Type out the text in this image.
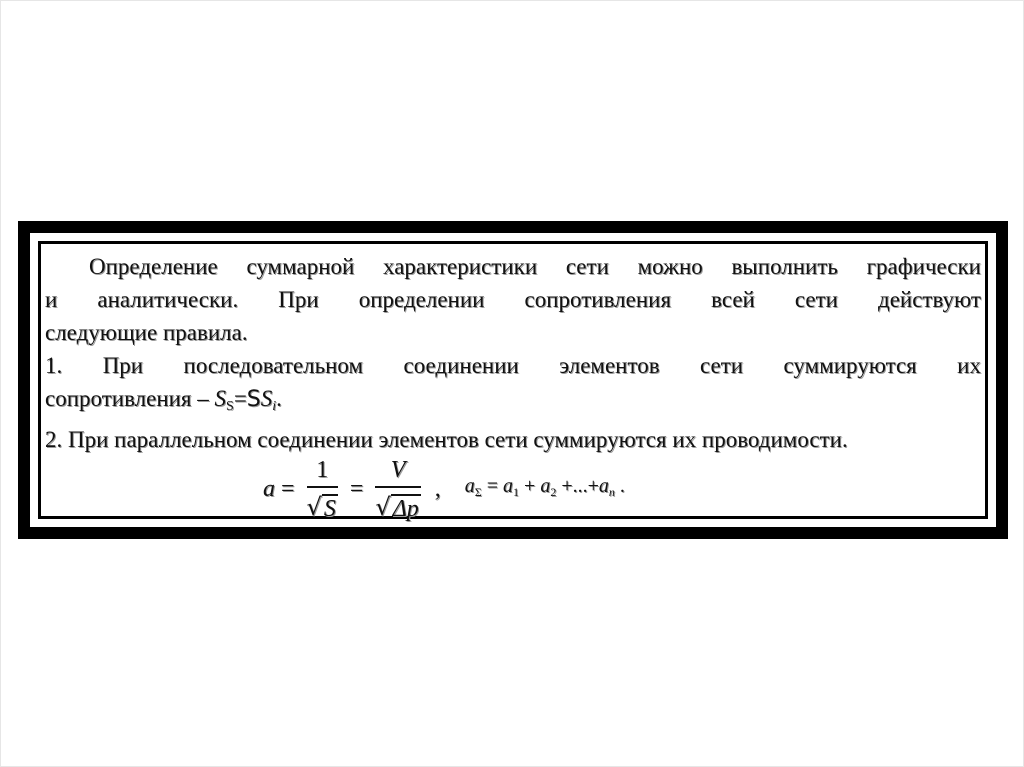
Определение суммарной характеристики сети можно выполнить графически

и аналитически. При определении сопротивления всей сети действуют

следующие правила.

1. При последовательном соединении элементов сети суммируются их

сопротивления – $S_S=SS_i$.

2. При параллельном соединении элементов сети суммируются их проводимости.

$a = \frac{1}{√ S} = \frac{V}{√ \Delta p}$ , $a_\Sigma = a_1 + a_2 +...+a_n$ .
